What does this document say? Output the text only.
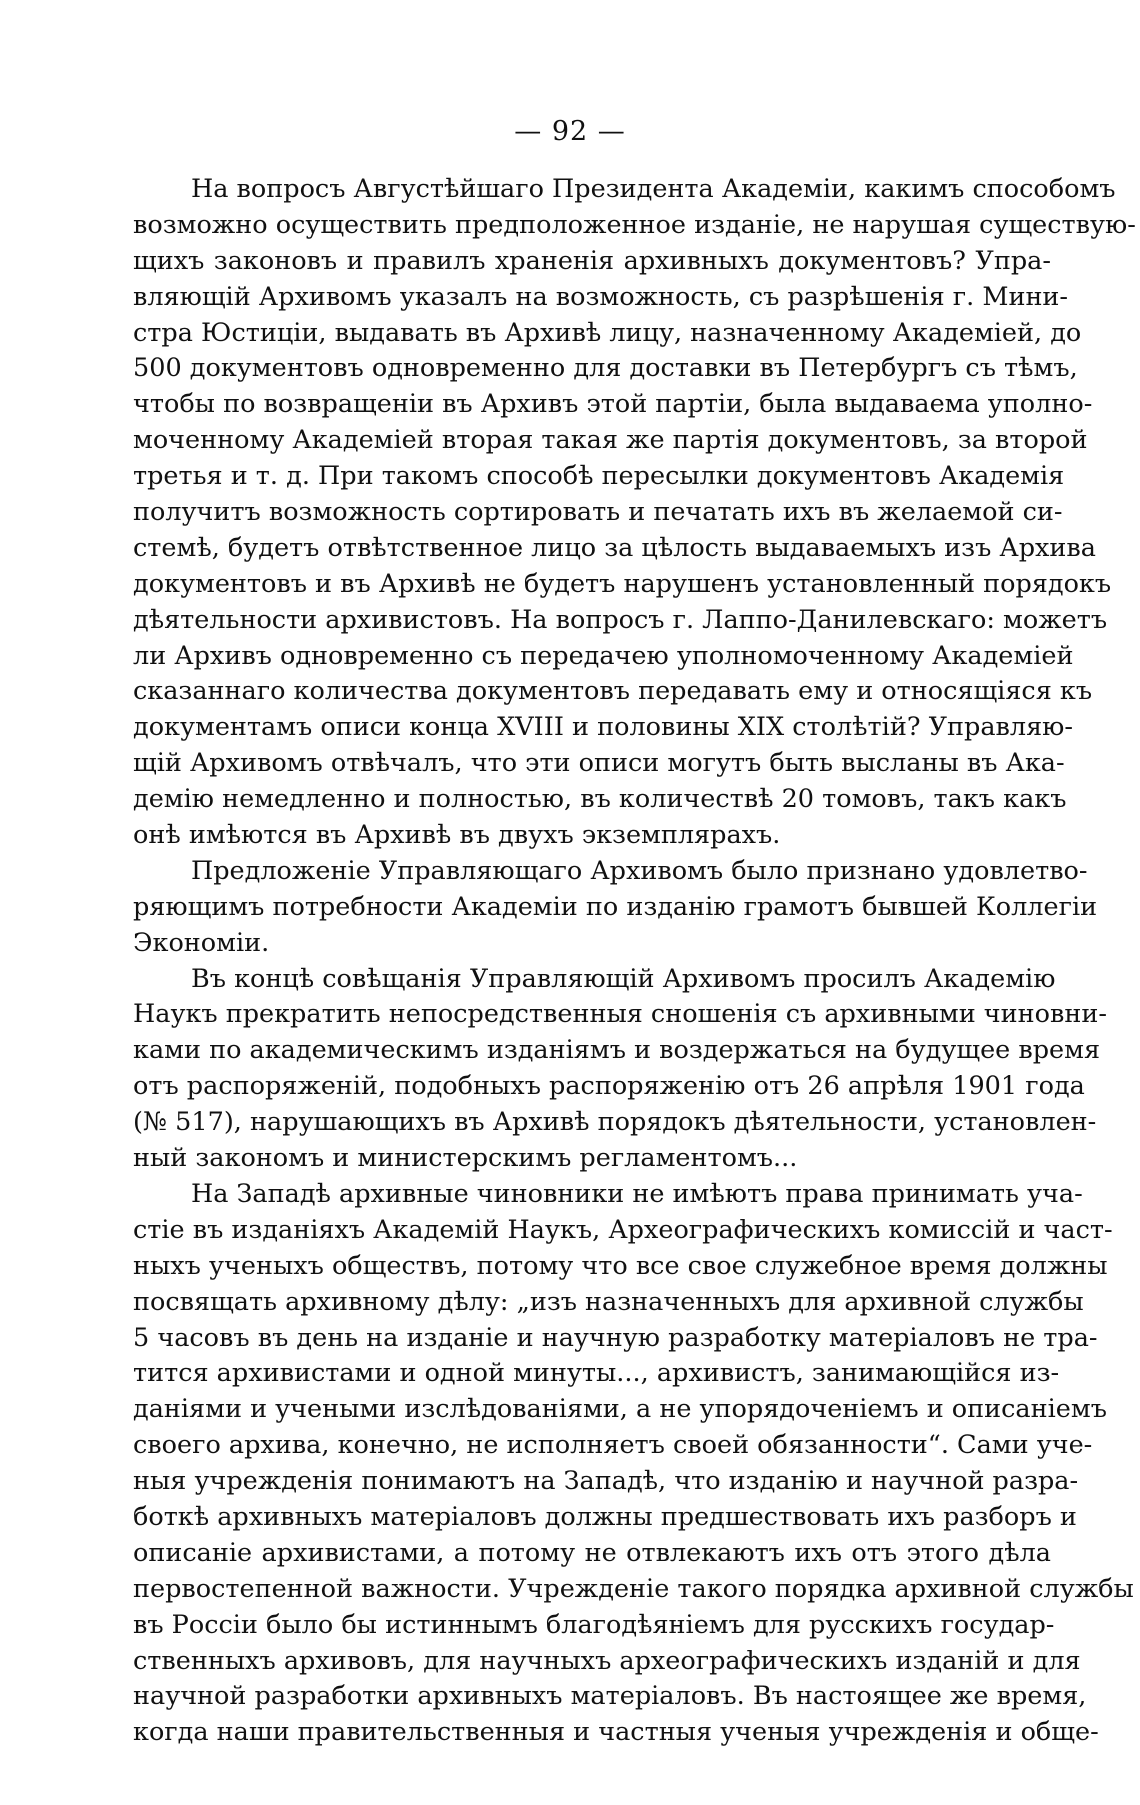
— 92 —
На вопросъ Августѣйшаго Президента Академіи, какимъ способомъ
возможно осуществить предположенное изданіе, не нарушая существую-
щихъ законовъ и правилъ храненія архивныхъ документовъ? Упра-
вляющій Архивомъ указалъ на возможность, съ разрѣшенія г. Мини-
стра Юстиціи, выдавать въ Архивѣ лицу, назначенному Академіей, до
500 документовъ одновременно для доставки въ Петербургъ съ тѣмъ,
чтобы по возвращеніи въ Архивъ этой партіи, была выдаваема уполно-
моченному Академіей вторая такая же партія документовъ, за второй
третья и т. д. При такомъ способѣ пересылки документовъ Академія
получитъ возможность сортировать и печатать ихъ въ желаемой си-
стемѣ, будетъ отвѣтственное лицо за цѣлость выдаваемыхъ изъ Архива
документовъ и въ Архивѣ не будетъ нарушенъ установленный порядокъ
дѣятельности архивистовъ. На вопросъ г. Лаппо-Данилевскаго: можетъ
ли Архивъ одновременно съ передачею уполномоченному Академіей
сказаннаго количества документовъ передавать ему и относящіяся къ
документамъ описи конца XVIII и половины XIX столѣтій? Управляю-
щій Архивомъ отвѣчалъ, что эти описи могутъ быть высланы въ Ака-
демію немедленно и полностью, въ количествѣ 20 томовъ, такъ какъ
онѣ имѣются въ Архивѣ въ двухъ экземплярахъ.
Предложеніе Управляющаго Архивомъ было признано удовлетво-
ряющимъ потребности Академіи по изданію грамотъ бывшей Коллегіи
Экономіи.
Въ концѣ совѣщанія Управляющій Архивомъ просилъ Академію
Наукъ прекратить непосредственныя сношенія съ архивными чиновни-
ками по академическимъ изданіямъ и воздержаться на будущее время
отъ распоряженій, подобныхъ распоряженію отъ 26 апрѣля 1901 года
(№ 517), нарушающихъ въ Архивѣ порядокъ дѣятельности, установлен-
ный закономъ и министерскимъ регламентомъ...
На Западѣ архивные чиновники не имѣютъ права принимать уча-
стіе въ изданіяхъ Академій Наукъ, Археографическихъ комиссій и част-
ныхъ ученыхъ обществъ, потому что все свое служебное время должны
посвящать архивному дѣлу: „изъ назначенныхъ для архивной службы
5 часовъ въ день на изданіе и научную разработку матеріаловъ не тра-
тится архивистами и одной минуты..., архивистъ, занимающійся из-
даніями и учеными изслѣдованіями, а не упорядоченіемъ и описаніемъ
своего архива, конечно, не исполняетъ своей обязанности“. Сами уче-
ныя учрежденія понимаютъ на Западѣ, что изданію и научной разра-
боткѣ архивныхъ матеріаловъ должны предшествовать ихъ разборъ и
описаніе архивистами, а потому не отвлекаютъ ихъ отъ этого дѣла
первостепенной важности. Учрежденіе такого порядка архивной службы
въ Россіи было бы истиннымъ благодѣяніемъ для русскихъ государ-
ственныхъ архивовъ, для научныхъ археографическихъ изданій и для
научной разработки архивныхъ матеріаловъ. Въ настоящее же время,
когда наши правительственныя и частныя ученыя учрежденія и обще-
